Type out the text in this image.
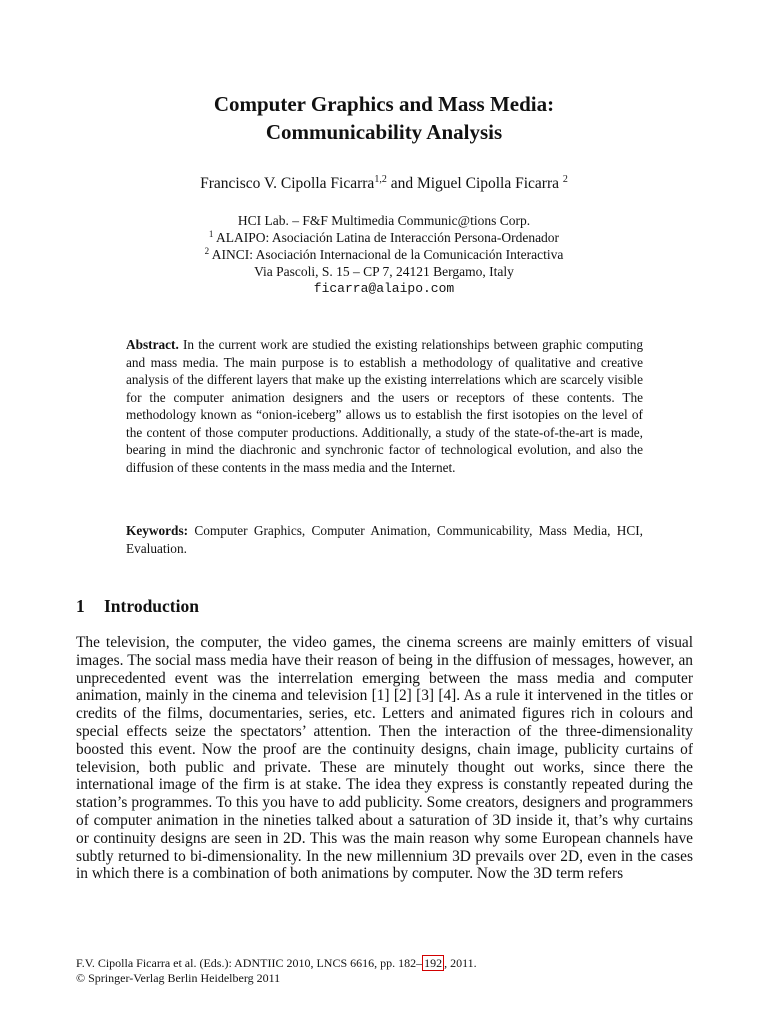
Computer Graphics and Mass Media:
Communicability Analysis
Francisco V. Cipolla Ficarra$^{1,2}$ and Miguel Cipolla Ficarra $^2$
HCI Lab. – F&F Multimedia Communic@tions Corp.
$^1$ ALAIPO: Asociación Latina de Interacción Persona-Ordenador
$^2$ AINCI: Asociación Internacional de la Comunicación Interactiva
Via Pascoli, S. 15 – CP 7, 24121 Bergamo, Italy
ficarra@alaipo.com
Abstract. In the current work are studied the existing relationships between graphic computing and mass media. The main purpose is to establish a methodology of qualitative and creative analysis of the different layers that make up the existing interrelations which are scarcely visible for the computer animation designers and the users or receptors of these contents. The methodology known as “onion-iceberg” allows us to establish the first isotopies on the level of the content of those computer productions. Additionally, a study of the state-of-the-art is made, bearing in mind the diachronic and synchronic factor of technological evolution, and also the diffusion of these contents in the mass media and the Internet.
Keywords: Computer Graphics, Computer Animation, Communicability, Mass Media, HCI, Evaluation.
1 Introduction
The television, the computer, the video games, the cinema screens are mainly emitters of visual images. The social mass media have their reason of being in the diffusion of messages, however, an unprecedented event was the interrelation emerging between the mass media and computer animation, mainly in the cinema and television [1] [2] [3] [4]. As a rule it intervened in the titles or credits of the films, documentaries, series, etc. Letters and animated figures rich in colours and special effects seize the spectators’ attention. Then the interaction of the three-dimensionality boosted this event. Now the proof are the continuity designs, chain image, publicity curtains of television, both public and private. These are minutely thought out works, since there the international image of the firm is at stake. The idea they express is constantly repeated during the station’s programmes. To this you have to add publicity. Some creators, designers and programmers of computer animation in the nineties talked about a saturation of 3D inside it, that’s why curtains or continuity designs are seen in 2D. This was the main reason why some European channels have subtly returned to bi-dimensionality. In the new millennium 3D prevails over 2D, even in the cases in which there is a combination of both animations by computer. Now the 3D term refers
F.V. Cipolla Ficarra et al. (Eds.): ADNTIIC 2010, LNCS 6616, pp. 182– 192 , 2011.
© Springer-Verlag Berlin Heidelberg 2011
